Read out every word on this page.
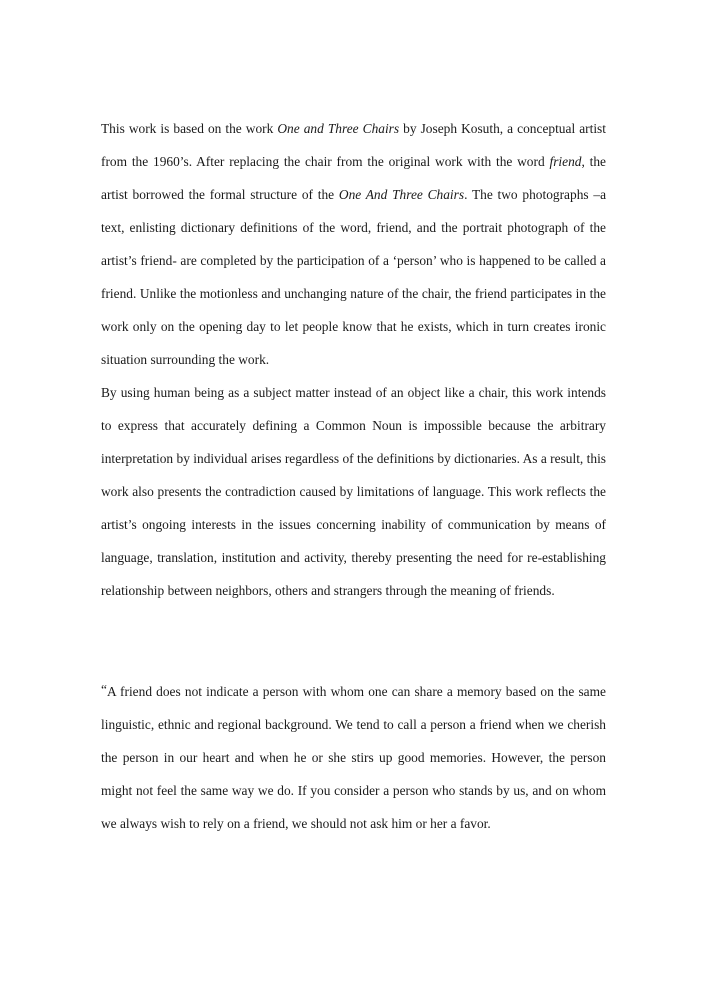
This work is based on the work One and Three Chairs by Joseph Kosuth, a conceptual artist from the 1960’s. After replacing the chair from the original work with the word friend, the artist borrowed the formal structure of the One And Three Chairs. The two photographs –a text, enlisting dictionary definitions of the word, friend, and the portrait photograph of the artist’s friend- are completed by the participation of a ‘person’ who is happened to be called a friend. Unlike the motionless and unchanging nature of the chair, the friend participates in the work only on the opening day to let people know that he exists, which in turn creates ironic situation surrounding the work.

By using human being as a subject matter instead of an object like a chair, this work intends to express that accurately defining a Common Noun is impossible because the arbitrary interpretation by individual arises regardless of the definitions by dictionaries. As a result, this work also presents the contradiction caused by limitations of language. This work reflects the artist’s ongoing interests in the issues concerning inability of communication by means of language, translation, institution and activity, thereby presenting the need for re-establishing relationship between neighbors, others and strangers through the meaning of friends.

“A friend does not indicate a person with whom one can share a memory based on the same linguistic, ethnic and regional background. We tend to call a person a friend when we cherish the person in our heart and when he or she stirs up good memories. However, the person might not feel the same way we do. If you consider a person who stands by us, and on whom we always wish to rely on a friend, we should not ask him or her a favor.
